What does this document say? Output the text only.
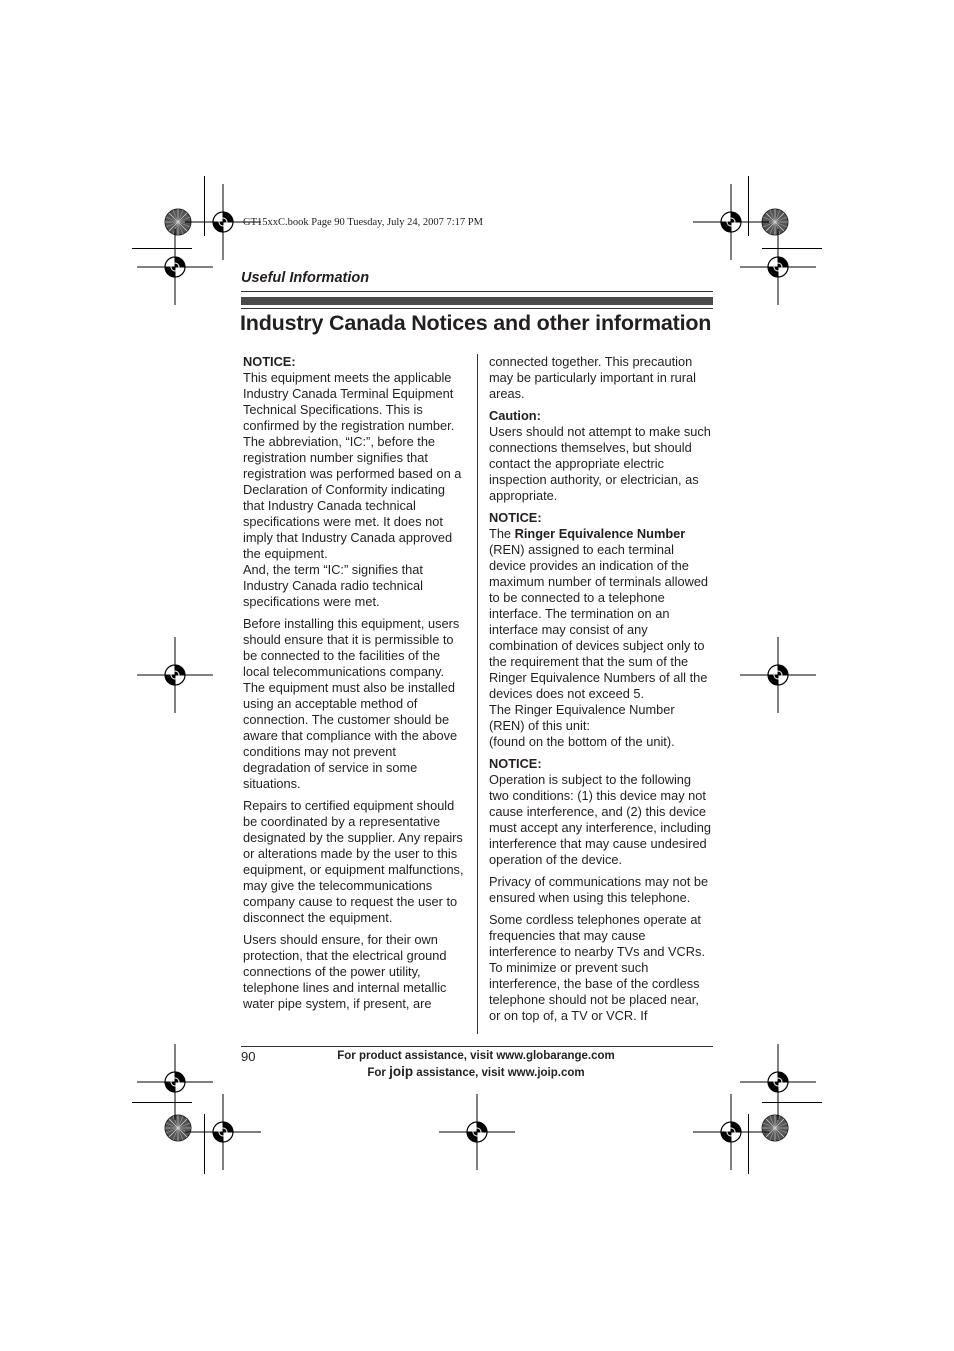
GT15xxC.book Page 90 Tuesday, July 24, 2007 7:17 PM
Useful Information
Industry Canada Notices and other information

NOTICE:
This equipment meets the applicable Industry Canada Terminal Equipment Technical Specifications. This is confirmed by the registration number. The abbreviation, “IC:”, before the registration number signifies that registration was performed based on a Declaration of Conformity indicating that Industry Canada technical specifications were met. It does not imply that Industry Canada approved the equipment.
And, the term “IC:” signifies that Industry Canada radio technical specifications were met.

Before installing this equipment, users should ensure that it is permissible to be connected to the facilities of the local telecommunications company. The equipment must also be installed using an acceptable method of connection. The customer should be aware that compliance with the above conditions may not prevent degradation of service in some situations.

Repairs to certified equipment should be coordinated by a representative designated by the supplier. Any repairs or alterations made by the user to this equipment, or equipment malfunctions, may give the telecommunications company cause to request the user to disconnect the equipment.

Users should ensure, for their own protection, that the electrical ground connections of the power utility, telephone lines and internal metallic water pipe system, if present, are

connected together. This precaution may be particularly important in rural areas.

Caution:
Users should not attempt to make such connections themselves, but should contact the appropriate electric inspection authority, or electrician, as appropriate.

NOTICE:
The Ringer Equivalence Number (REN) assigned to each terminal device provides an indication of the maximum number of terminals allowed to be connected to a telephone interface. The termination on an interface may consist of any combination of devices subject only to the requirement that the sum of the Ringer Equivalence Numbers of all the devices does not exceed 5.
The Ringer Equivalence Number (REN) of this unit:
(found on the bottom of the unit).

NOTICE:
Operation is subject to the following two conditions: (1) this device may not cause interference, and (2) this device must accept any interference, including interference that may cause undesired operation of the device.

Privacy of communications may not be ensured when using this telephone.

Some cordless telephones operate at frequencies that may cause interference to nearby TVs and VCRs. To minimize or prevent such interference, the base of the cordless telephone should not be placed near, or on top of, a TV or VCR. If

90	For product assistance, visit www.globarange.com
For joip assistance, visit www.joip.com
